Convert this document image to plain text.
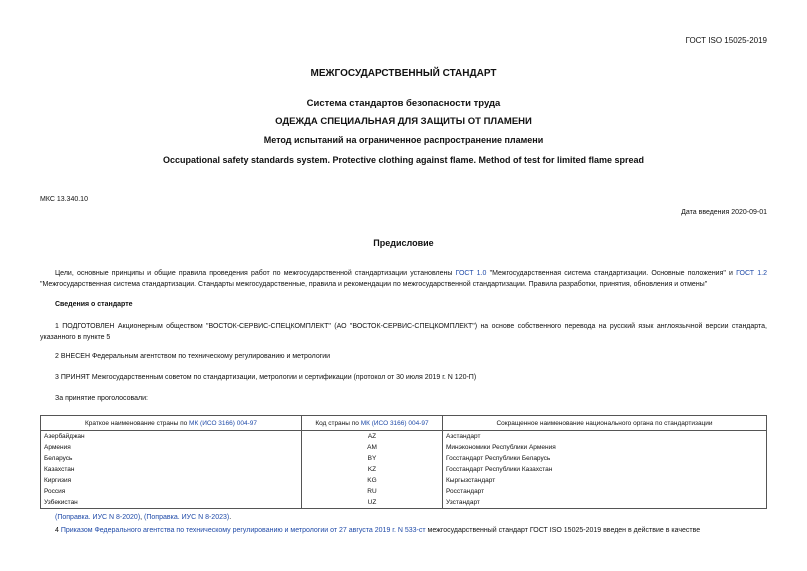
ГОСТ ISO 15025-2019
МЕЖГОСУДАРСТВЕННЫЙ СТАНДАРТ
Система стандартов безопасности труда
ОДЕЖДА СПЕЦИАЛЬНАЯ ДЛЯ ЗАЩИТЫ ОТ ПЛАМЕНИ
Метод испытаний на ограниченное распространение пламени
Occupational safety standards system. Protective clothing against flame. Method of test for limited flame spread
МКС 13.340.10
Дата введения 2020-09-01
Предисловие
Цели, основные принципы и общие правила проведения работ по межгосударственной стандартизации установлены ГОСТ 1.0 "Межгосударственная система стандартизации. Основные положения" и ГОСТ 1.2 "Межгосударственная система стандартизации. Стандарты межгосударственные, правила и рекомендации по межгосударственной стандартизации. Правила разработки, принятия, обновления и отмены"
Сведения о стандарте
1 ПОДГОТОВЛЕН Акционерным обществом "ВОСТОК-СЕРВИС-СПЕЦКОМПЛЕКТ" (АО "ВОСТОК-СЕРВИС-СПЕЦКОМПЛЕКТ") на основе собственного перевода на русский язык англоязычной версии стандарта, указанного в пункте 5
2 ВНЕСЕН Федеральным агентством по техническому регулированию и метрологии
3 ПРИНЯТ Межгосударственным советом по стандартизации, метрологии и сертификации (протокол от 30 июля 2019 г. N 120-П)
За принятие проголосовали:
Краткое наименование страны по МК (ИСО 3166) 004-97	Код страны по МК (ИСО 3166) 004-97	Сокращенное наименование национального органа по стандартизации
Азербайджан	AZ	Азстандарт
Армения	AM	Минэкономики Республики Армения
Беларусь	BY	Госстандарт Республики Беларусь
Казахстан	KZ	Госстандарт Республики Казахстан
Киргизия	KG	Кыргызстандарт
Россия	RU	Росстандарт
Узбекистан	UZ	Узстандарт
(Поправка. ИУС N 8-2020), (Поправка. ИУС N 8-2023).
4 Приказом Федерального агентства по техническому регулированию и метрологии от 27 августа 2019 г. N 533-ст межгосударственный стандарт ГОСТ ISO 15025-2019 введен в действие в качестве
